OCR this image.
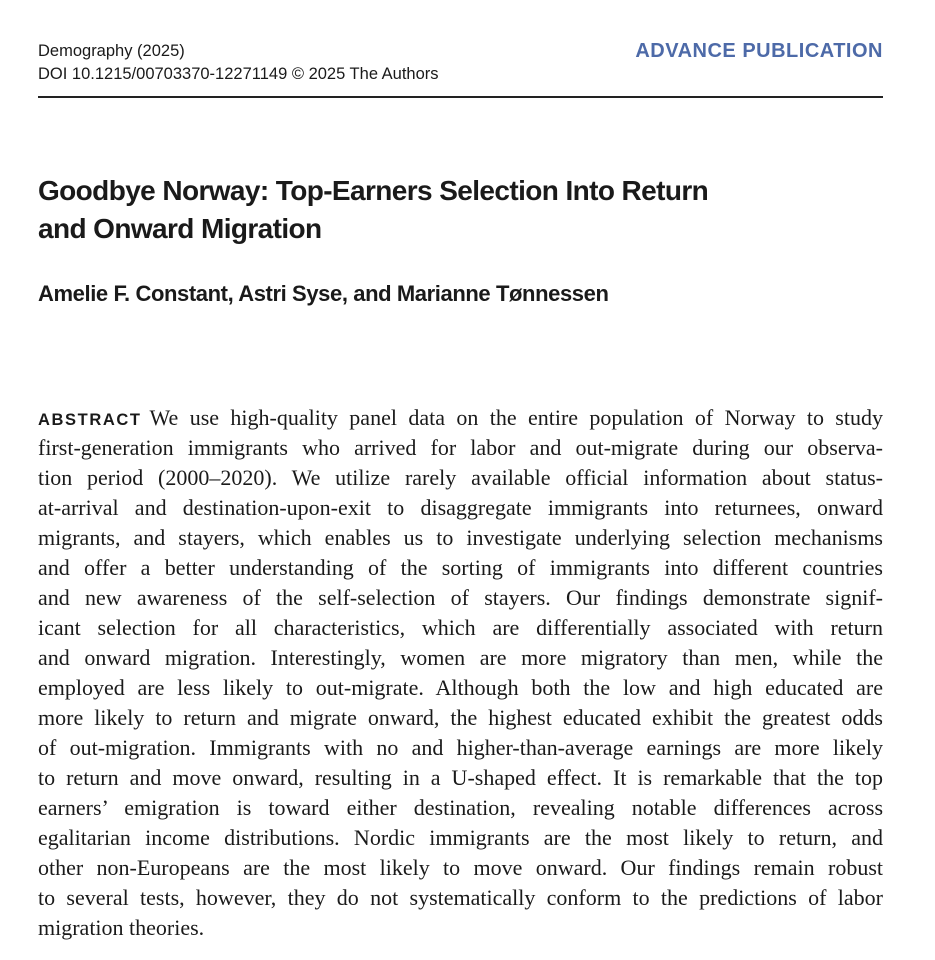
Demography (2025)
DOI 10.1215/00703370-12271149 © 2025 The Authors
ADVANCE PUBLICATION
Goodbye Norway: Top-Earners Selection Into Return
and Onward Migration
Amelie F. Constant, Astri Syse, and Marianne Tønnessen
ABSTRACT We use high-quality panel data on the entire population of Norway to study
first-generation immigrants who arrived for labor and out-migrate during our observa-
tion period (2000–2020). We utilize rarely available official information about status-
at-arrival and destination-upon-exit to disaggregate immigrants into returnees, onward
migrants, and stayers, which enables us to investigate underlying selection mechanisms
and offer a better understanding of the sorting of immigrants into different countries
and new awareness of the self-selection of stayers. Our findings demonstrate signif-
icant selection for all characteristics, which are differentially associated with return
and onward migration. Interestingly, women are more migratory than men, while the
employed are less likely to out-migrate. Although both the low and high educated are
more likely to return and migrate onward, the highest educated exhibit the greatest odds
of out-migration. Immigrants with no and higher-than-average earnings are more likely
to return and move onward, resulting in a U-shaped effect. It is remarkable that the top
earners’ emigration is toward either destination, revealing notable differences across
egalitarian income distributions. Nordic immigrants are the most likely to return, and
other non-Europeans are the most likely to move onward. Our findings remain robust
to several tests, however, they do not systematically conform to the predictions of labor
migration theories.
